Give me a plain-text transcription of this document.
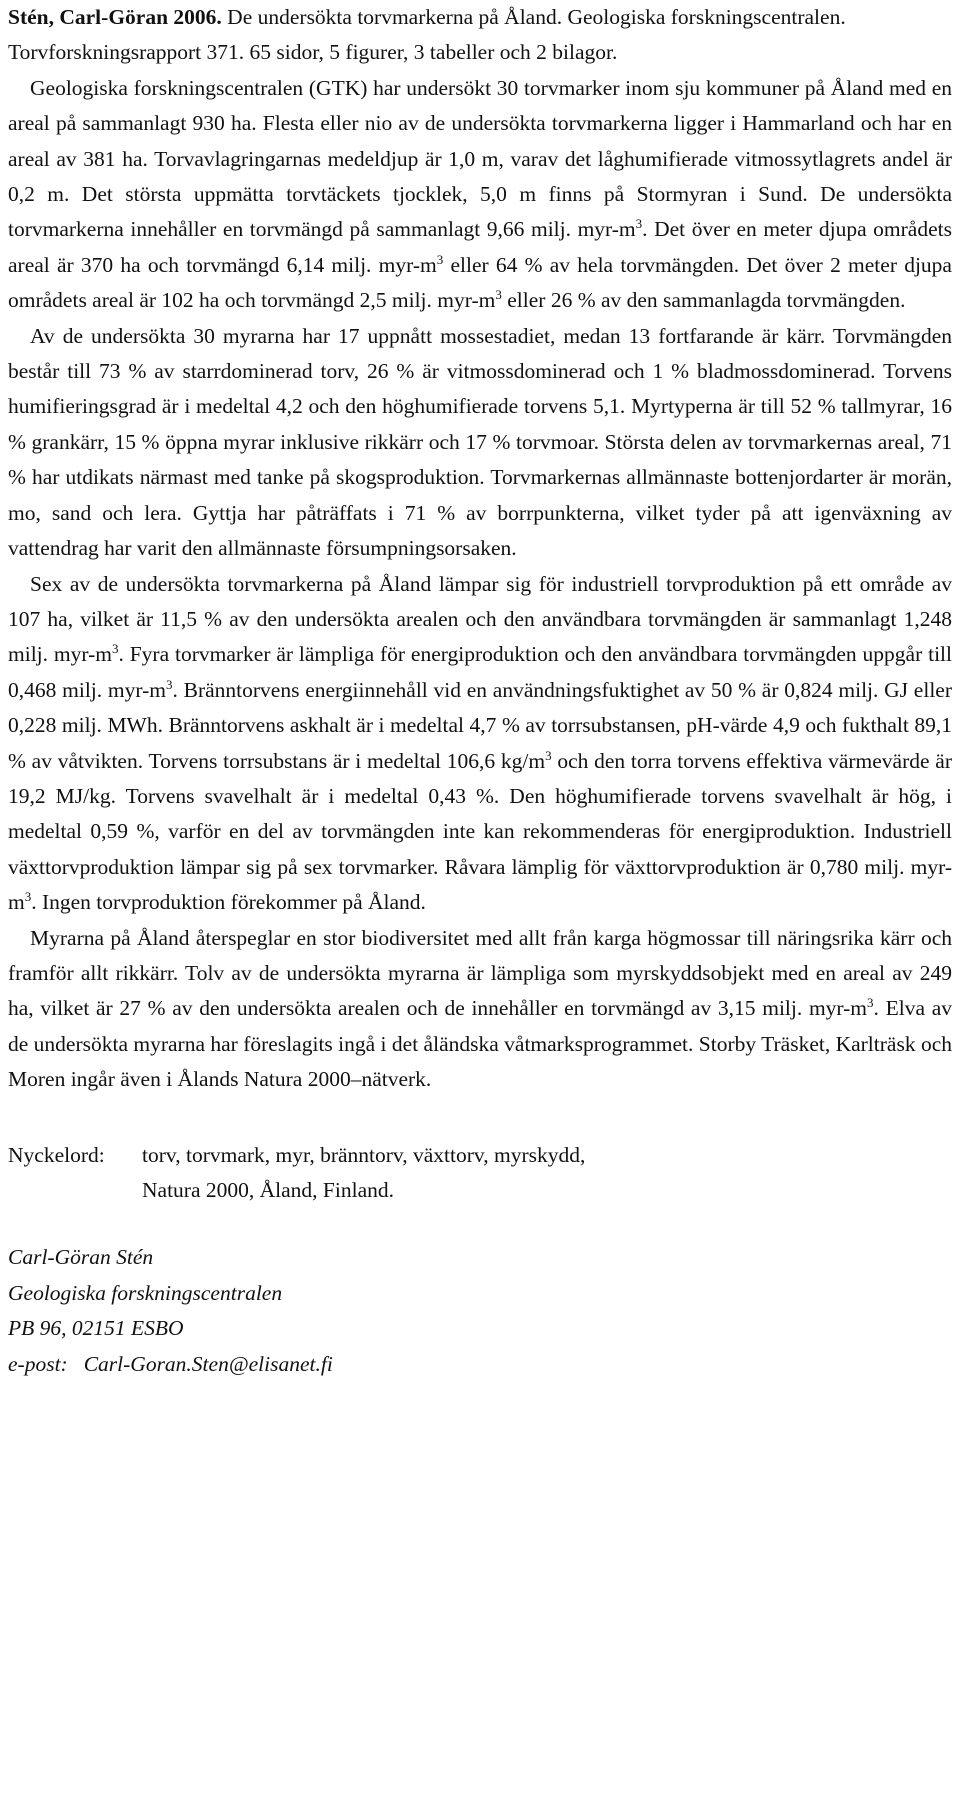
Stén, Carl-Göran 2006. De undersökta torvmarkerna på Åland. Geologiska forskningscentralen. Torvforskningsrapport 371. 65 sidor, 5 figurer, 3 tabeller och 2 bilagor.

Geologiska forskningscentralen (GTK) har undersökt 30 torvmarker inom sju kommuner på Åland med en areal på sammanlagt 930 ha. Flesta eller nio av de undersökta torvmarkerna ligger i Hammarland och har en areal av 381 ha. Torvavlagringarnas medeldjup är 1,0 m, varav det låghumifierade vitmossytlagrets andel är 0,2 m. Det största uppmätta torvtäckets tjocklek, 5,0 m finns på Stormyran i Sund. De undersökta torvmarkerna innehåller en torvmängd på sammanlagt 9,66 milj. myr-$m^3$. Det över en meter djupa områdets areal är 370 ha och torvmängd 6,14 milj. myr-$m^3$ eller 64 % av hela torvmängden. Det över 2 meter djupa områdets areal är 102 ha och torvmängd 2,5 milj. myr-$m^3$ eller 26 % av den sammanlagda torvmängden.

Av de undersökta 30 myrarna har 17 uppnått mossestadiet, medan 13 fortfarande är kärr. Torvmängden består till 73 % av starrdominerad torv, 26 % är vitmossdominerad och 1 % bladmossdominerad. Torvens humifieringsgrad är i medeltal 4,2 och den höghumifierade torvens 5,1. Myrtyperna är till 52 % tallmyrar, 16 % grankärr, 15 % öppna myrar inklusive rikkärr och 17 % torvmoar. Största delen av torvmarkernas areal, 71 % har utdikats närmast med tanke på skogsproduktion. Torvmarkernas allmännaste bottenjordarter är morän, mo, sand och lera. Gyttja har påträffats i 71 % av borrpunkterna, vilket tyder på att igenväxning av vattendrag har varit den allmännaste försumpningsorsaken.

Sex av de undersökta torvmarkerna på Åland lämpar sig för industriell torvproduktion på ett område av 107 ha, vilket är 11,5 % av den undersökta arealen och den användbara torvmängden är sammanlagt 1,248 milj. myr-$m^3$. Fyra torvmarker är lämpliga för energiproduktion och den användbara torvmängden uppgår till 0,468 milj. myr-$m^3$. Bränntorvens energiinnehåll vid en användningsfuktighet av 50 % är 0,824 milj. GJ eller 0,228 milj. MWh. Bränntorvens askhalt är i medeltal 4,7 % av torrsubstansen, pH-värde 4,9 och fukthalt 89,1 % av våtvikten. Torvens torrsubstans är i medeltal 106,6 $kg/m^3$ och den torra torvens effektiva värmevärde är 19,2 MJ/kg. Torvens svavelhalt är i medeltal 0,43 %. Den höghumifierade torvens svavelhalt är hög, i medeltal 0,59 %, varför en del av torvmängden inte kan rekommenderas för energiproduktion. Industriell växttorvproduktion lämpar sig på sex torvmarker. Råvara lämplig för växttorvproduktion är 0,780 milj. myr-$m^3$. Ingen torvproduktion förekommer på Åland.

Myrarna på Åland återspeglar en stor biodiversitet med allt från karga högmossar till näringsrika kärr och framför allt rikkärr. Tolv av de undersökta myrarna är lämpliga som myrskyddsobjekt med en areal av 249 ha, vilket är 27 % av den undersökta arealen och de innehåller en torvmängd av 3,15 milj. myr-$m^3$. Elva av de undersökta myrarna har föreslagits ingå i det åländska våtmarksprogrammet. Storby Träsket, Karlträsk och Moren ingår även i Ålands Natura 2000–nätverk.

Nyckelord:	torv, torvmark, myr, bränntorv, växttorv, myrskydd,
Natura 2000, Åland, Finland.
Carl-Göran Stén
Geologiska forskningscentralen
PB 96, 02151 ESBO
e-post: Carl-Goran.Sten@elisanet.fi
